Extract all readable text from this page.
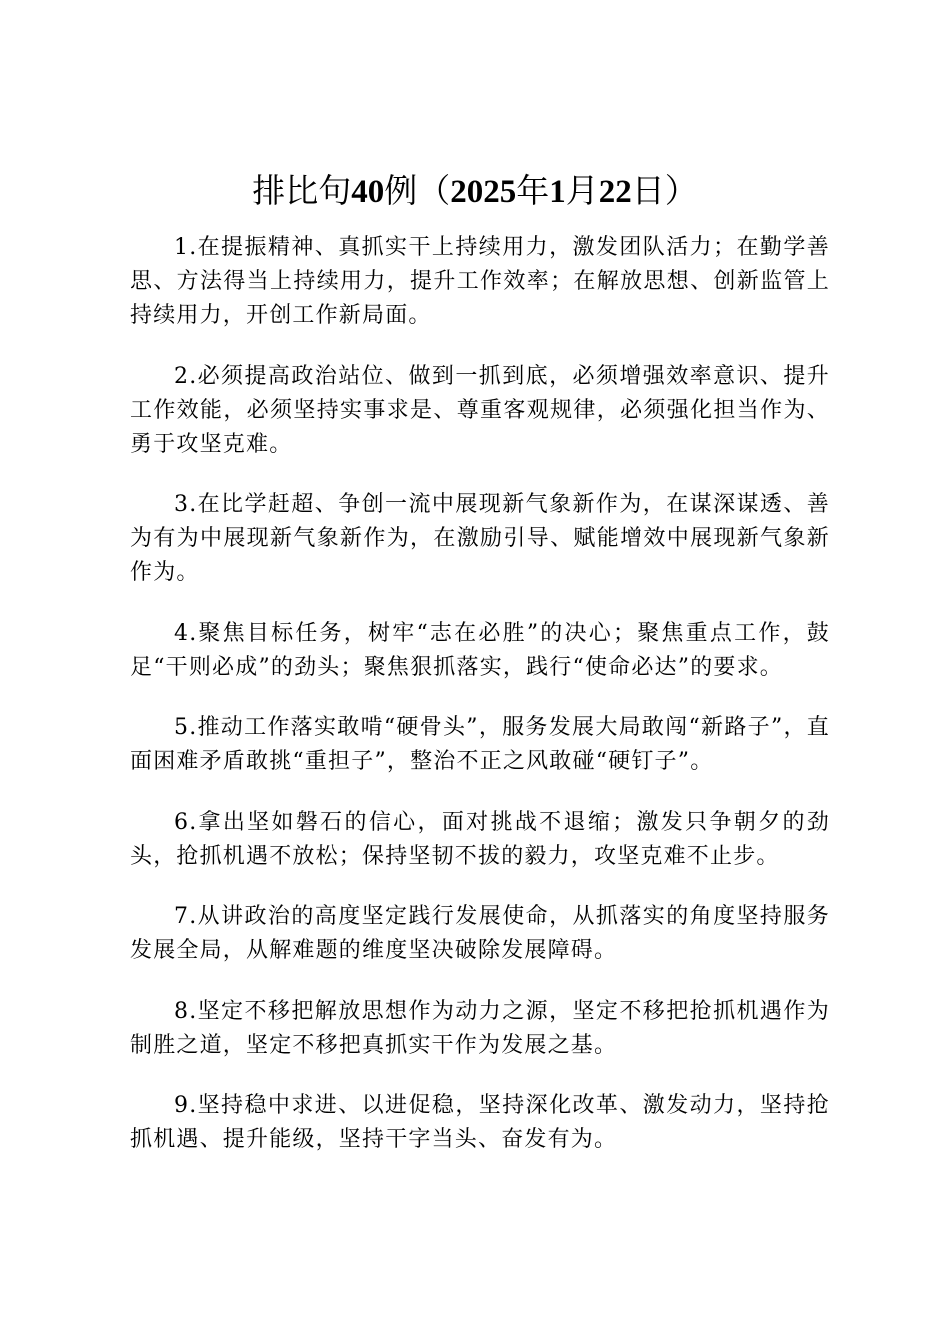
排比句40例（2025年1月22日）

1.在提振精神、真抓实干上持续用力，激发团队活力；在勤学善思、方法得当上持续用力，提升工作效率；在解放思想、创新监管上持续用力，开创工作新局面。

2.必须提高政治站位、做到一抓到底，必须增强效率意识、提升工作效能，必须坚持实事求是、尊重客观规律，必须强化担当作为、勇于攻坚克难。

3.在比学赶超、争创一流中展现新气象新作为，在谋深谋透、善为有为中展现新气象新作为，在激励引导、赋能增效中展现新气象新作为。

4.聚焦目标任务，树牢“志在必胜”的决心；聚焦重点工作，鼓足“干则必成”的劲头；聚焦狠抓落实，践行“使命必达”的要求。

5.推动工作落实敢啃“硬骨头”，服务发展大局敢闯“新路子”，直面困难矛盾敢挑“重担子”，整治不正之风敢碰“硬钉子”。

6.拿出坚如磐石的信心，面对挑战不退缩；激发只争朝夕的劲头，抢抓机遇不放松；保持坚韧不拔的毅力，攻坚克难不止步。

7.从讲政治的高度坚定践行发展使命，从抓落实的角度坚持服务发展全局，从解难题的维度坚决破除发展障碍。

8.坚定不移把解放思想作为动力之源，坚定不移把抢抓机遇作为制胜之道，坚定不移把真抓实干作为发展之基。

9.坚持稳中求进、以进促稳，坚持深化改革、激发动力，坚持抢抓机遇、提升能级，坚持干字当头、奋发有为。
